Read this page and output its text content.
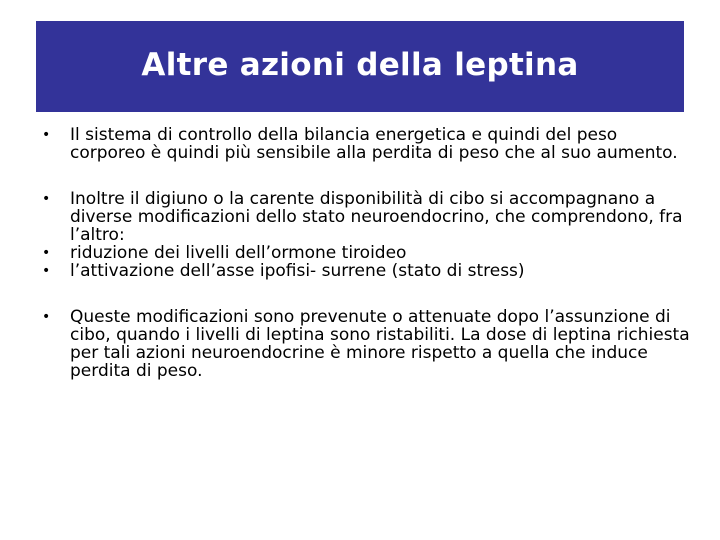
Altre azioni della leptina
• Il sistema di controllo della bilancia energetica e quindi del peso corporeo è quindi più sensibile alla perdita di peso che al suo aumento.
• Inoltre il digiuno o la carente disponibilità di cibo si accompagnano a diverse modificazioni dello stato neuroendocrino, che comprendono, fra l’altro:
• riduzione dei livelli dell’ormone tiroideo
• l’attivazione dell’asse ipofisi- surrene (stato di stress)
• Queste modificazioni sono prevenute o attenuate dopo l’assunzione di cibo, quando i livelli di leptina sono ristabiliti. La dose di leptina richiesta per tali azioni neuroendocrine è minore rispetto a quella che induce perdita di peso.
